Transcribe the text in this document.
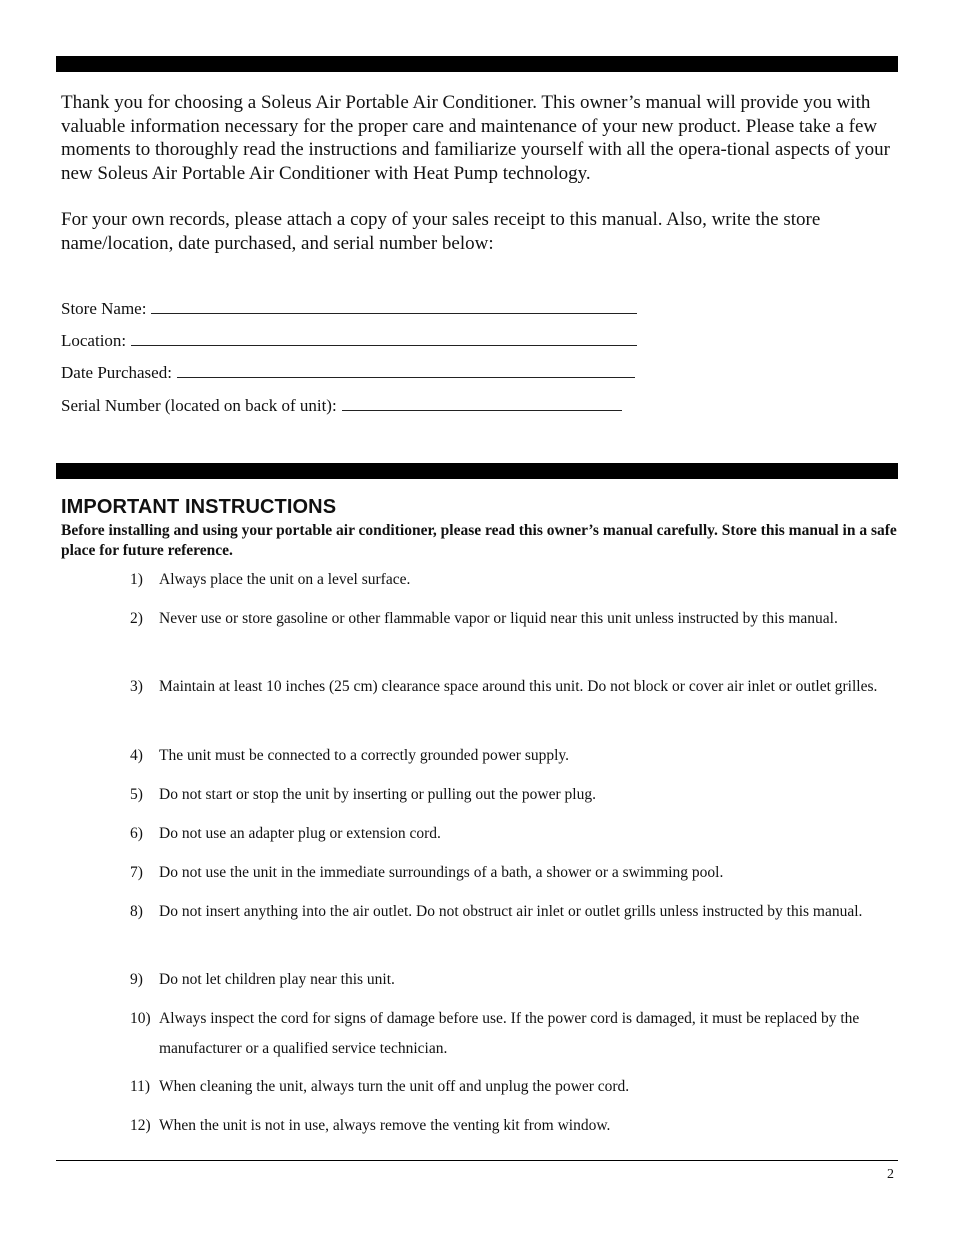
Thank you for choosing a Soleus Air Portable Air Conditioner. This owner’s manual will provide you with valuable information necessary for the proper care and maintenance of your new product. Please take a few moments to thoroughly read the instructions and familiarize yourself with all the opera-tional aspects of your new Soleus Air Portable Air Conditioner with Heat Pump technology.

For your own records, please attach a copy of your sales receipt to this manual. Also, write the store name/location, date purchased, and serial number below:

Store Name:

Location:

Date Purchased:

Serial Number (located on back of unit):

IMPORTANT INSTRUCTIONS

Before installing and using your portable air conditioner, please read this owner’s manual carefully. Store this manual in a safe place for future reference.

1) Always place the unit on a level surface.
2) Never use or store gasoline or other flammable vapor or liquid near this unit unless instructed by this manual.
3) Maintain at least 10 inches (25 cm) clearance space around this unit. Do not block or cover air inlet or outlet grilles.
4) The unit must be connected to a correctly grounded power supply.
5) Do not start or stop the unit by inserting or pulling out the power plug.
6) Do not use an adapter plug or extension cord.
7) Do not use the unit in the immediate surroundings of a bath, a shower or a swimming pool.
8) Do not insert anything into the air outlet. Do not obstruct air inlet or outlet grills unless instructed by this manual.
9) Do not let children play near this unit.
10) Always inspect the cord for signs of damage before use. If the power cord is damaged, it must be replaced by the manufacturer or a qualified service technician.
11) When cleaning the unit, always turn the unit off and unplug the power cord.
12) When the unit is not in use, always remove the venting kit from window.
2
